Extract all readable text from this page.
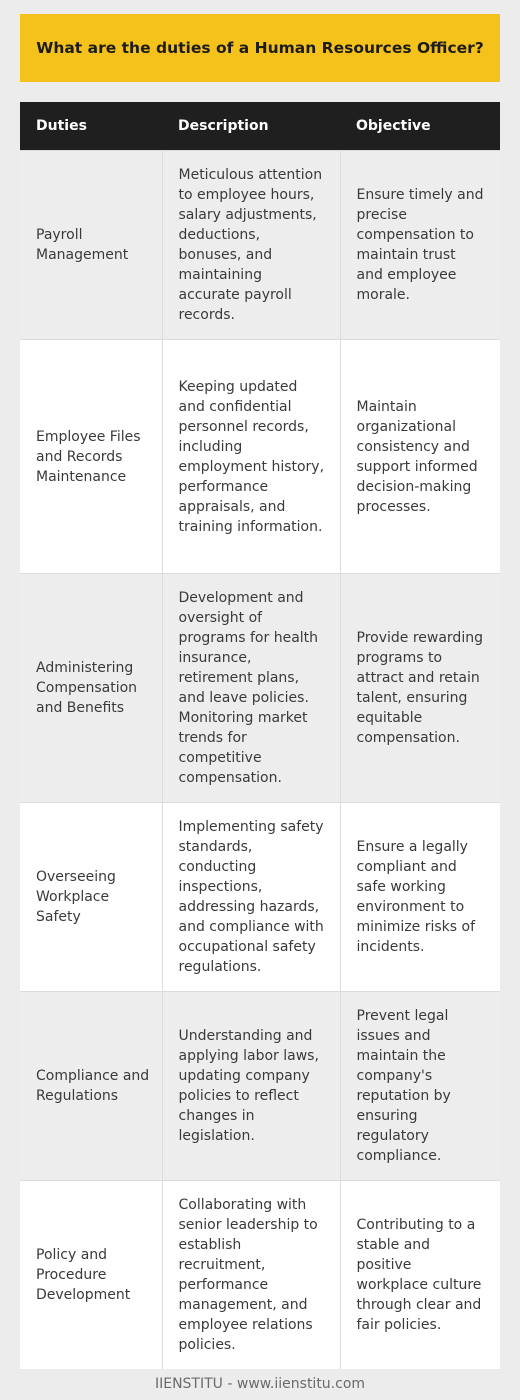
What are the duties of a Human Resources Officer?
Duties	Description	Objective
Payroll Management	Meticulous attention to employee hours, salary adjustments, deductions, bonuses, and maintaining accurate payroll records.	Ensure timely and precise compensation to maintain trust and employee morale.
Employee Files and Records Maintenance	Keeping updated and confidential personnel records, including employment history, performance appraisals, and training information.	Maintain organizational consistency and support informed decision-making processes.
Administering Compensation and Benefits	Development and oversight of programs for health insurance, retirement plans, and leave policies. Monitoring market trends for competitive compensation.	Provide rewarding programs to attract and retain talent, ensuring equitable compensation.
Overseeing Workplace Safety	Implementing safety standards, conducting inspections, addressing hazards, and compliance with occupational safety regulations.	Ensure a legally compliant and safe working environment to minimize risks of incidents.
Compliance and Regulations	Understanding and applying labor laws, updating company policies to reflect changes in legislation.	Prevent legal issues and maintain the company's reputation by ensuring regulatory compliance.
Policy and Procedure Development	Collaborating with senior leadership to establish recruitment, performance management, and employee relations policies.	Contributing to a stable and positive workplace culture through clear and fair policies.
IIENSTITU - www.iienstitu.com
